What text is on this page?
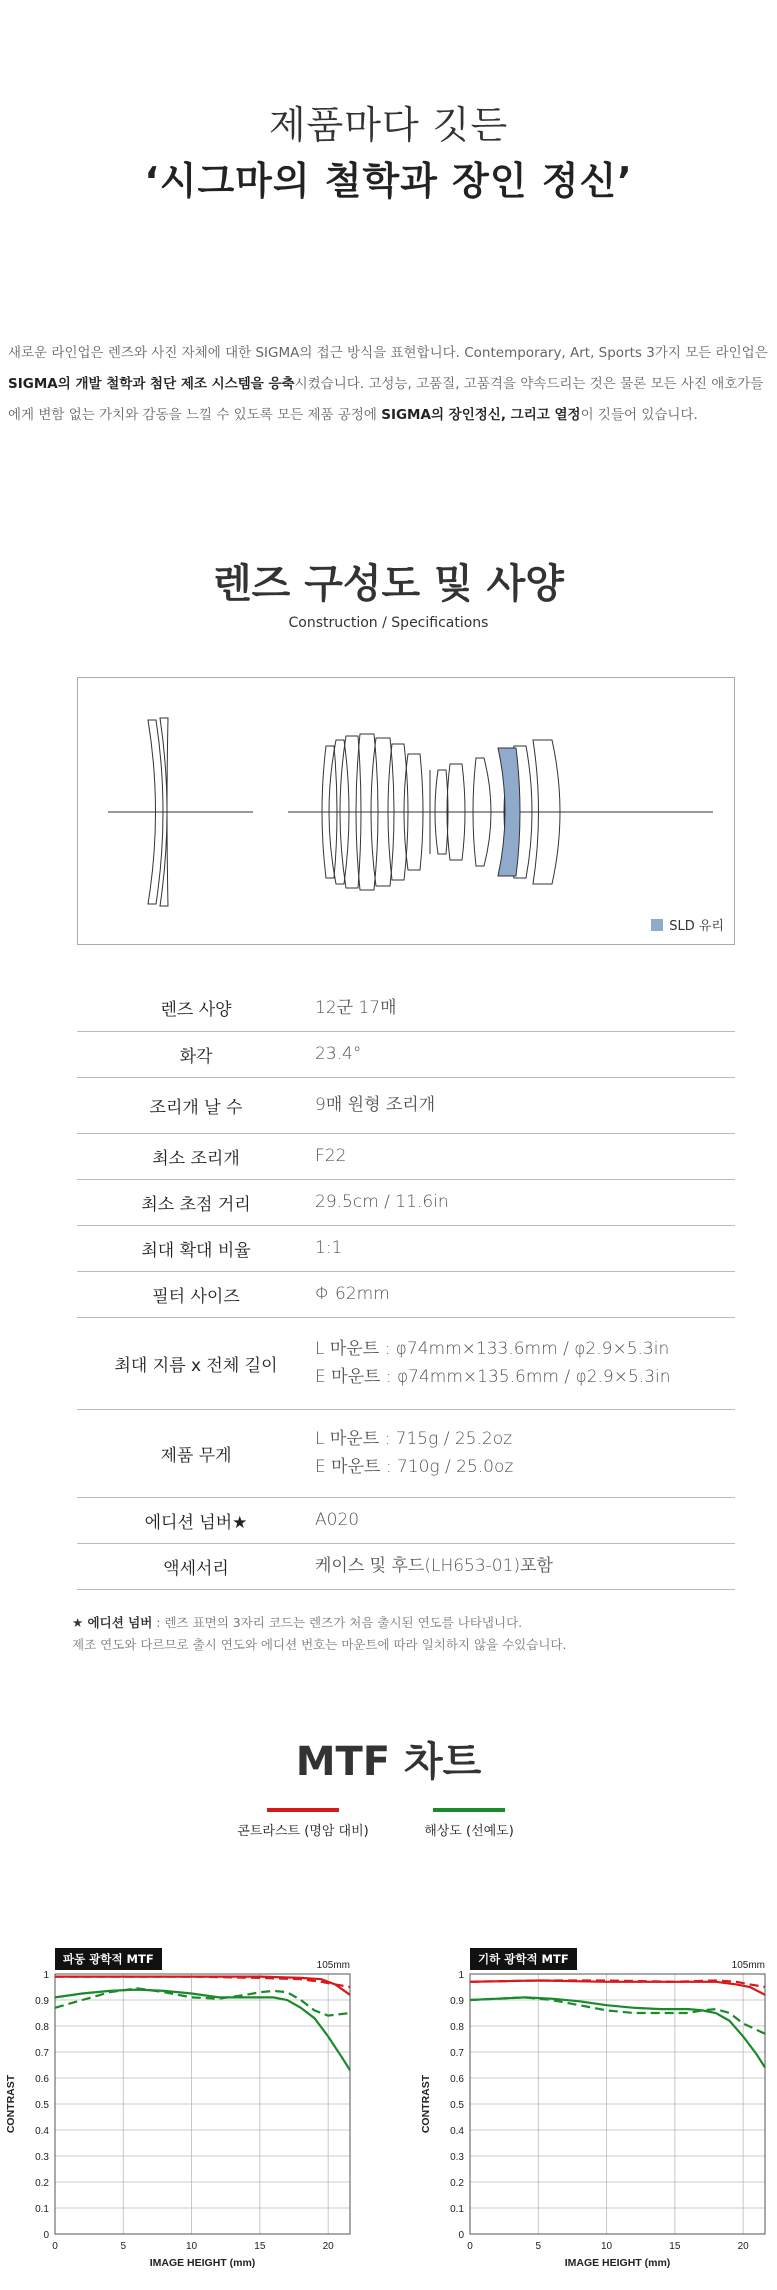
제품마다 깃든
‘시그마의 철학과 장인 정신’
새로운 라인업은 렌즈와 사진 자체에 대한 SIGMA의 접근 방식을 표현합니다. Contemporary, Art, Sports 3가지 모든 라인업은 SIGMA의 개발 철학과 첨단 제조 시스템을 응축시켰습니다. 고성능, 고품질, 고품격을 약속드리는 것은 물론 모든 사진 애호가들에게 변함 없는 가치와 감동을 느낄 수 있도록 모든 제품 공정에 SIGMA의 장인정신, 그리고 열정이 깃들어 있습니다.
렌즈 구성도 및 사양
Construction / Specifications
SLD 유리
렌즈 사양	12군 17매

화각	23.4°

조리개 날 수	9매 원형 조리개

최소 조리개	F22

최소 초점 거리	29.5cm / 11.6in

최대 확대 비율	1:1

필터 사이즈	Φ 62mm

최대 지름 x 전체 길이	L 마운트 : φ74mm×133.6mm / φ2.9×5.3in
E 마운트 : φ74mm×135.6mm / φ2.9×5.3in

제품 무게	L 마운트 : 715g / 25.2oz
E 마운트 : 710g / 25.0oz

에디션 넘버★	A020

액세서리	케이스 및 후드(LH653-01)포함
★ 에디션 넘버 : 렌즈 표면의 3자리 코드는 렌즈가 처음 출시된 연도를 나타냅니다.
제조 연도와 다르므로 출시 연도와 에디션 번호는 마운트에 따라 일치하지 않을 수있습니다.
MTF 차트
콘트라스트 (명암 대비)	해상도 (선예도)
파동 광학적 MTF
0
0.1
0.2
0.3
0.4
0.5
0.6
0.7
0.8
0.9
1
0	5	10	15	20
105mm
IMAGE HEIGHT (mm)
CONTRAST
기하 광학적 MTF
0
0.1
0.2
0.3
0.4
0.5
0.6
0.7
0.8
0.9
1
0	5	10	15	20
105mm
IMAGE HEIGHT (mm)
CONTRAST
